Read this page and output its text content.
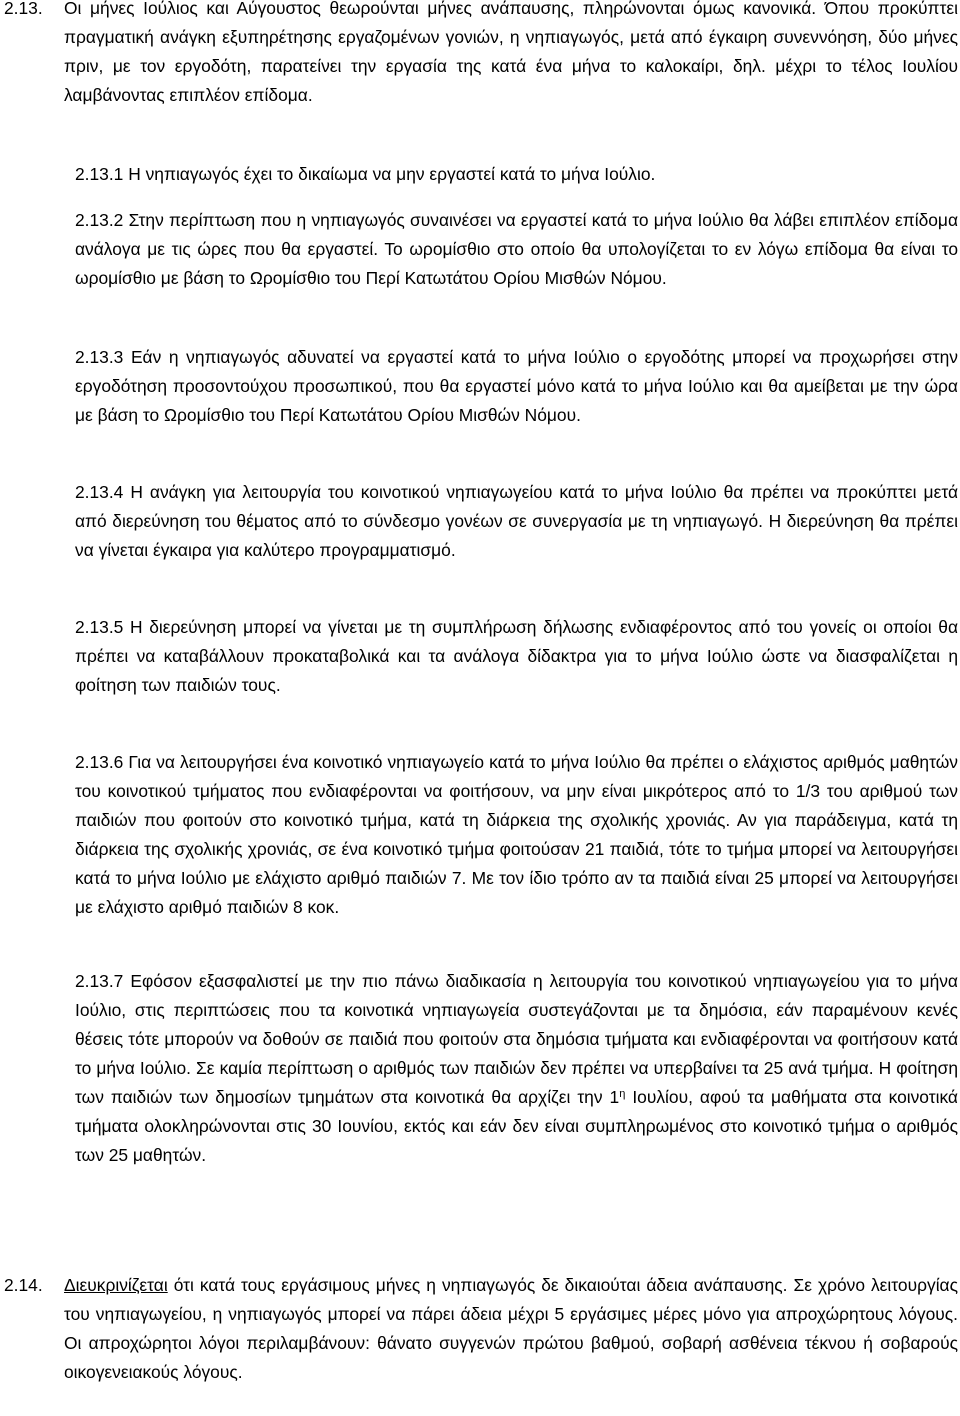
2.13. Οι μήνες Ιούλιος και Αύγουστος θεωρούνται μήνες ανάπαυσης, πληρώνονται όμως κανονικά. Όπου προκύπτει πραγματική ανάγκη εξυπηρέτησης εργαζομένων γονιών, η νηπιαγωγός, μετά από έγκαιρη συνεννόηση, δύο μήνες πριν, με τον εργοδότη, παρατείνει την εργασία της κατά ένα μήνα το καλοκαίρι, δηλ. μέχρι το τέλος Ιουλίου λαμβάνοντας επιπλέον επίδομα.
2.13.1 Η νηπιαγωγός έχει το δικαίωμα να μην εργαστεί κατά το μήνα Ιούλιο.
2.13.2 Στην περίπτωση που η νηπιαγωγός συναινέσει να εργαστεί κατά το μήνα Ιούλιο θα λάβει επιπλέον επίδομα ανάλογα με τις ώρες που θα εργαστεί. Το ωρομίσθιο στο οποίο θα υπολογίζεται το εν λόγω επίδομα θα είναι το ωρομίσθιο με βάση το Ωρομίσθιο του Περί Κατωτάτου Ορίου Μισθών Νόμου.
2.13.3 Εάν η νηπιαγωγός αδυνατεί να εργαστεί κατά το μήνα Ιούλιο ο εργοδότης μπορεί να προχωρήσει στην εργοδότηση προσοντούχου προσωπικού, που θα εργαστεί μόνο κατά το μήνα Ιούλιο και θα αμείβεται με την ώρα με βάση το Ωρομίσθιο του Περί Κατωτάτου Ορίου Μισθών Νόμου.
2.13.4 Η ανάγκη για λειτουργία του κοινοτικού νηπιαγωγείου κατά το μήνα Ιούλιο θα πρέπει να προκύπτει μετά από διερεύνηση του θέματος από το σύνδεσμο γονέων σε συνεργασία με τη νηπιαγωγό. Η διερεύνηση θα πρέπει να γίνεται έγκαιρα για καλύτερο προγραμματισμό.
2.13.5 Η διερεύνηση μπορεί να γίνεται με τη συμπλήρωση δήλωσης ενδιαφέροντος από του γονείς οι οποίοι θα πρέπει να καταβάλλουν προκαταβολικά και τα ανάλογα δίδακτρα για το μήνα Ιούλιο ώστε να διασφαλίζεται η φοίτηση των παιδιών τους.
2.13.6 Για να λειτουργήσει ένα κοινοτικό νηπιαγωγείο κατά το μήνα Ιούλιο θα πρέπει ο ελάχιστος αριθμός μαθητών του κοινοτικού τμήματος που ενδιαφέρονται να φοιτήσουν, να μην είναι μικρότερος από το 1/3 του αριθμού των παιδιών που φοιτούν στο κοινοτικό τμήμα, κατά τη διάρκεια της σχολικής χρονιάς. Αν για παράδειγμα, κατά τη διάρκεια της σχολικής χρονιάς, σε ένα κοινοτικό τμήμα φοιτούσαν 21 παιδιά, τότε το τμήμα μπορεί να λειτουργήσει κατά το μήνα Ιούλιο με ελάχιστο αριθμό παιδιών 7. Με τον ίδιο τρόπο αν τα παιδιά είναι 25 μπορεί να λειτουργήσει με ελάχιστο αριθμό παιδιών 8 κοκ.
2.13.7 Εφόσον εξασφαλιστεί με την πιο πάνω διαδικασία η λειτουργία του κοινοτικού νηπιαγωγείου για το μήνα Ιούλιο, στις περιπτώσεις που τα κοινοτικά νηπιαγωγεία συστεγάζονται με τα δημόσια, εάν παραμένουν κενές θέσεις τότε μπορούν να δοθούν σε παιδιά που φοιτούν στα δημόσια τμήματα και ενδιαφέρονται να φοιτήσουν κατά το μήνα Ιούλιο. Σε καμία περίπτωση ο αριθμός των παιδιών δεν πρέπει να υπερβαίνει τα 25 ανά τμήμα. Η φοίτηση των παιδιών των δημοσίων τμημάτων στα κοινοτικά θα αρχίζει την $1^\eta$ Ιουλίου, αφού τα μαθήματα στα κοινοτικά τμήματα ολοκληρώνονται στις 30 Ιουνίου, εκτός και εάν δεν είναι συμπληρωμένος στο κοινοτικό τμήμα ο αριθμός των 25 μαθητών.
2.14. Διευκρινίζεται ότι κατά τους εργάσιμους μήνες η νηπιαγωγός δε δικαιούται άδεια ανάπαυσης. Σε χρόνο λειτουργίας του νηπιαγωγείου, η νηπιαγωγός μπορεί να πάρει άδεια μέχρι 5 εργάσιμες μέρες μόνο για απροχώρητους λόγους. Οι απροχώρητοι λόγοι περιλαμβάνουν: θάνατο συγγενών πρώτου βαθμού, σοβαρή ασθένεια τέκνου ή σοβαρούς οικογενειακούς λόγους.
